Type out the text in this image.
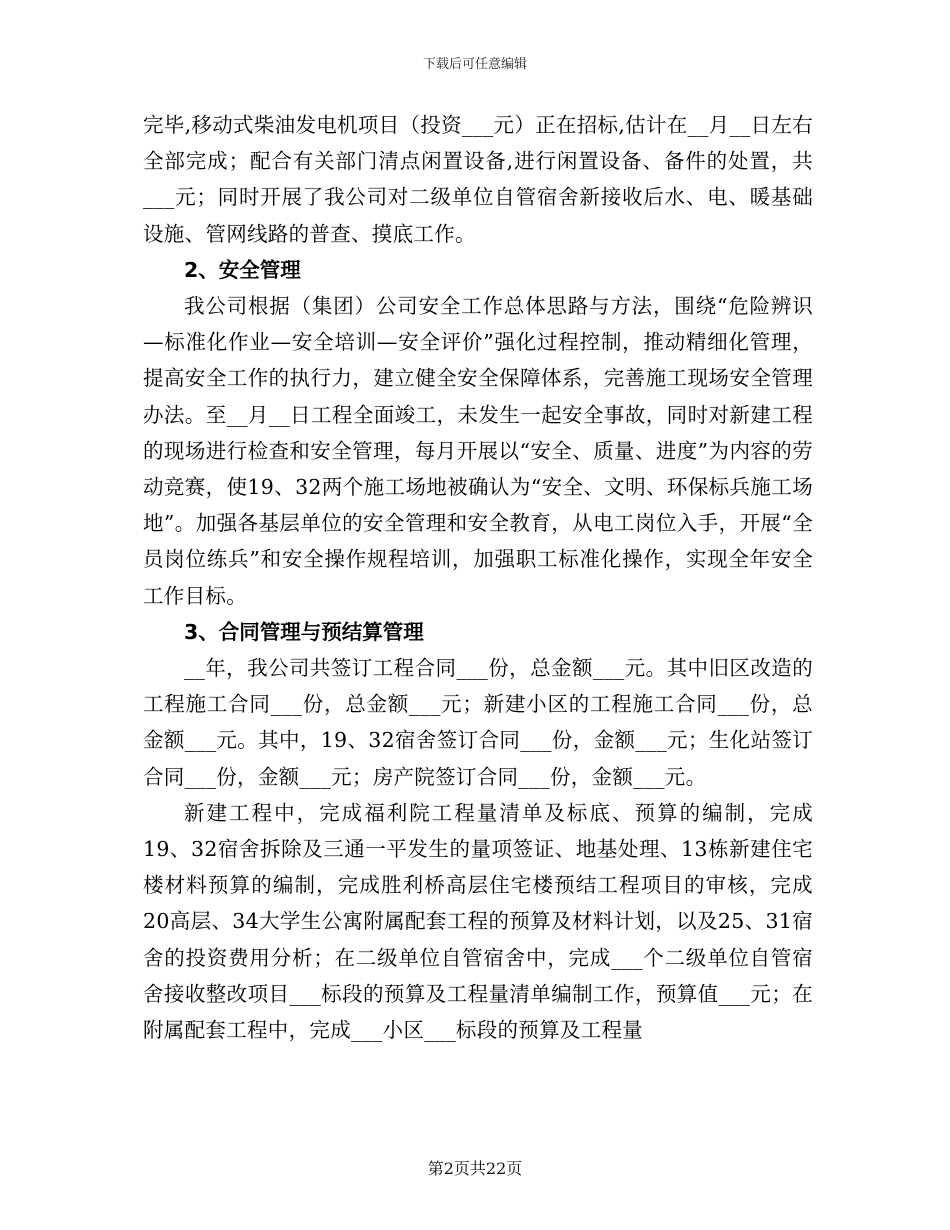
下载后可任意编辑

完毕,移动式柴油发电机项目（投资___元）正在招标,估计在__月__日左右全部完成；配合有关部门清点闲置设备,进行闲置设备、备件的处置，共___元；同时开展了我公司对二级单位自管宿舍新接收后水、电、暖基础设施、管网线路的普查、摸底工作。

2、安全管理

我公司根据（集团）公司安全工作总体思路与方法，围绕“危险辨识—标准化作业—安全培训—安全评价”强化过程控制，推动精细化管理，提高安全工作的执行力，建立健全安全保障体系，完善施工现场安全管理办法。至__月__日工程全面竣工，未发生一起安全事故，同时对新建工程的现场进行检查和安全管理，每月开展以“安全、质量、进度”为内容的劳动竞赛，使19、32两个施工场地被确认为“安全、文明、环保标兵施工场地”。加强各基层单位的安全管理和安全教育，从电工岗位入手，开展“全员岗位练兵”和安全操作规程培训，加强职工标准化操作，实现全年安全工作目标。

3、合同管理与预结算管理

__年，我公司共签订工程合同___份，总金额___元。其中旧区改造的工程施工合同___份，总金额___元；新建小区的工程施工合同___份，总金额___元。其中，19、32宿舍签订合同___份，金额___元；生化站签订合同___份，金额___元；房产院签订合同___份，金额___元。

新建工程中，完成福利院工程量清单及标底、预算的编制，完成19、32宿舍拆除及三通一平发生的量项签证、地基处理、13栋新建住宅楼材料预算的编制，完成胜利桥高层住宅楼预结工程项目的审核，完成20高层、34大学生公寓附属配套工程的预算及材料计划，以及25、31宿舍的投资费用分析；在二级单位自管宿舍中，完成___个二级单位自管宿舍接收整改项目___标段的预算及工程量清单编制工作，预算值___元；在附属配套工程中，完成___小区___标段的预算及工程量

第2页共22页
